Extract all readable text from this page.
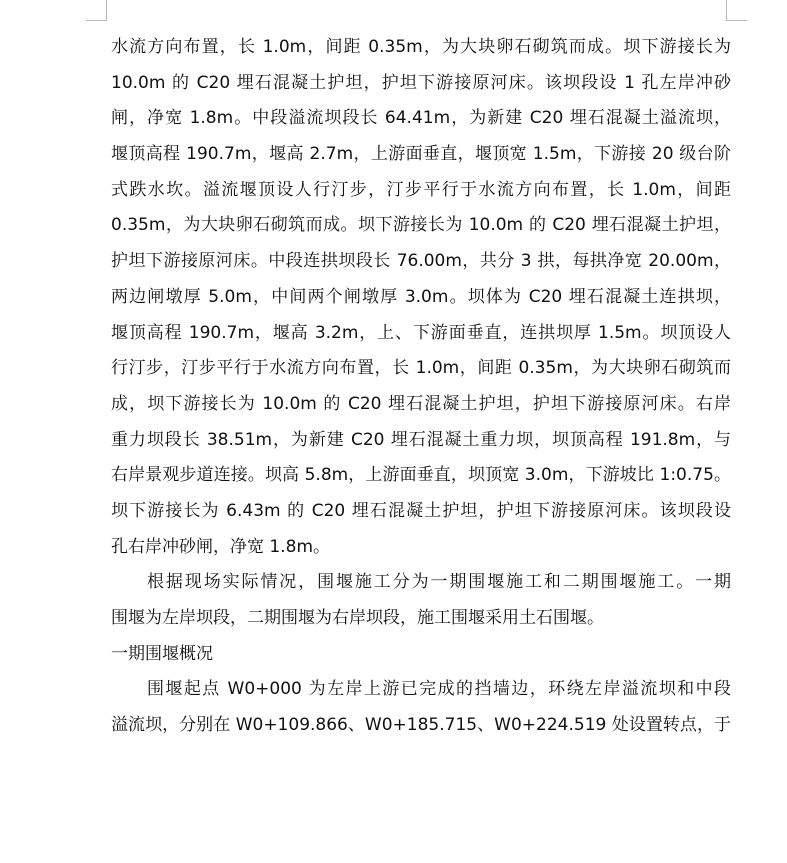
水流方向布置，长 1.0m，间距 0.35m，为大块卵石砌筑而成。坝下游接长为
10.0m 的 C20 埋石混凝土护坦，护坦下游接原河床。该坝段设 1 孔左岸冲砂
闸，净宽 1.8m。中段溢流坝段长 64.41m，为新建 C20 埋石混凝土溢流坝，
堰顶高程 190.7m，堰高 2.7m，上游面垂直，堰顶宽 1.5m，下游接 20 级台阶
式跌水坎。溢流堰顶设人行汀步，汀步平行于水流方向布置，长 1.0m，间距
0.35m，为大块卵石砌筑而成。坝下游接长为 10.0m 的 C20 埋石混凝土护坦，
护坦下游接原河床。中段连拱坝段长 76.00m，共分 3 拱，每拱净宽 20.00m，
两边闸墩厚 5.0m，中间两个闸墩厚 3.0m。坝体为 C20 埋石混凝土连拱坝，
堰顶高程 190.7m，堰高 3.2m，上、下游面垂直，连拱坝厚 1.5m。坝顶设人
行汀步，汀步平行于水流方向布置，长 1.0m，间距 0.35m，为大块卵石砌筑而
成，坝下游接长为 10.0m 的 C20 埋石混凝土护坦，护坦下游接原河床。右岸
重力坝段长 38.51m，为新建 C20 埋石混凝土重力坝，坝顶高程 191.8m，与
右岸景观步道连接。坝高 5.8m，上游面垂直，坝顶宽 3.0m，下游坡比 1:0.75。
坝下游接长为 6.43m 的 C20 埋石混凝土护坦，护坦下游接原河床。该坝段设
孔右岸冲砂闸，净宽 1.8m。
根据现场实际情况，围堰施工分为一期围堰施工和二期围堰施工。一期
围堰为左岸坝段，二期围堰为右岸坝段，施工围堰采用土石围堰。
一期围堰概况
围堰起点 W0+000 为左岸上游已完成的挡墙边，环绕左岸溢流坝和中段
溢流坝，分别在 W0+109.866、W0+185.715、W0+224.519 处设置转点，于
